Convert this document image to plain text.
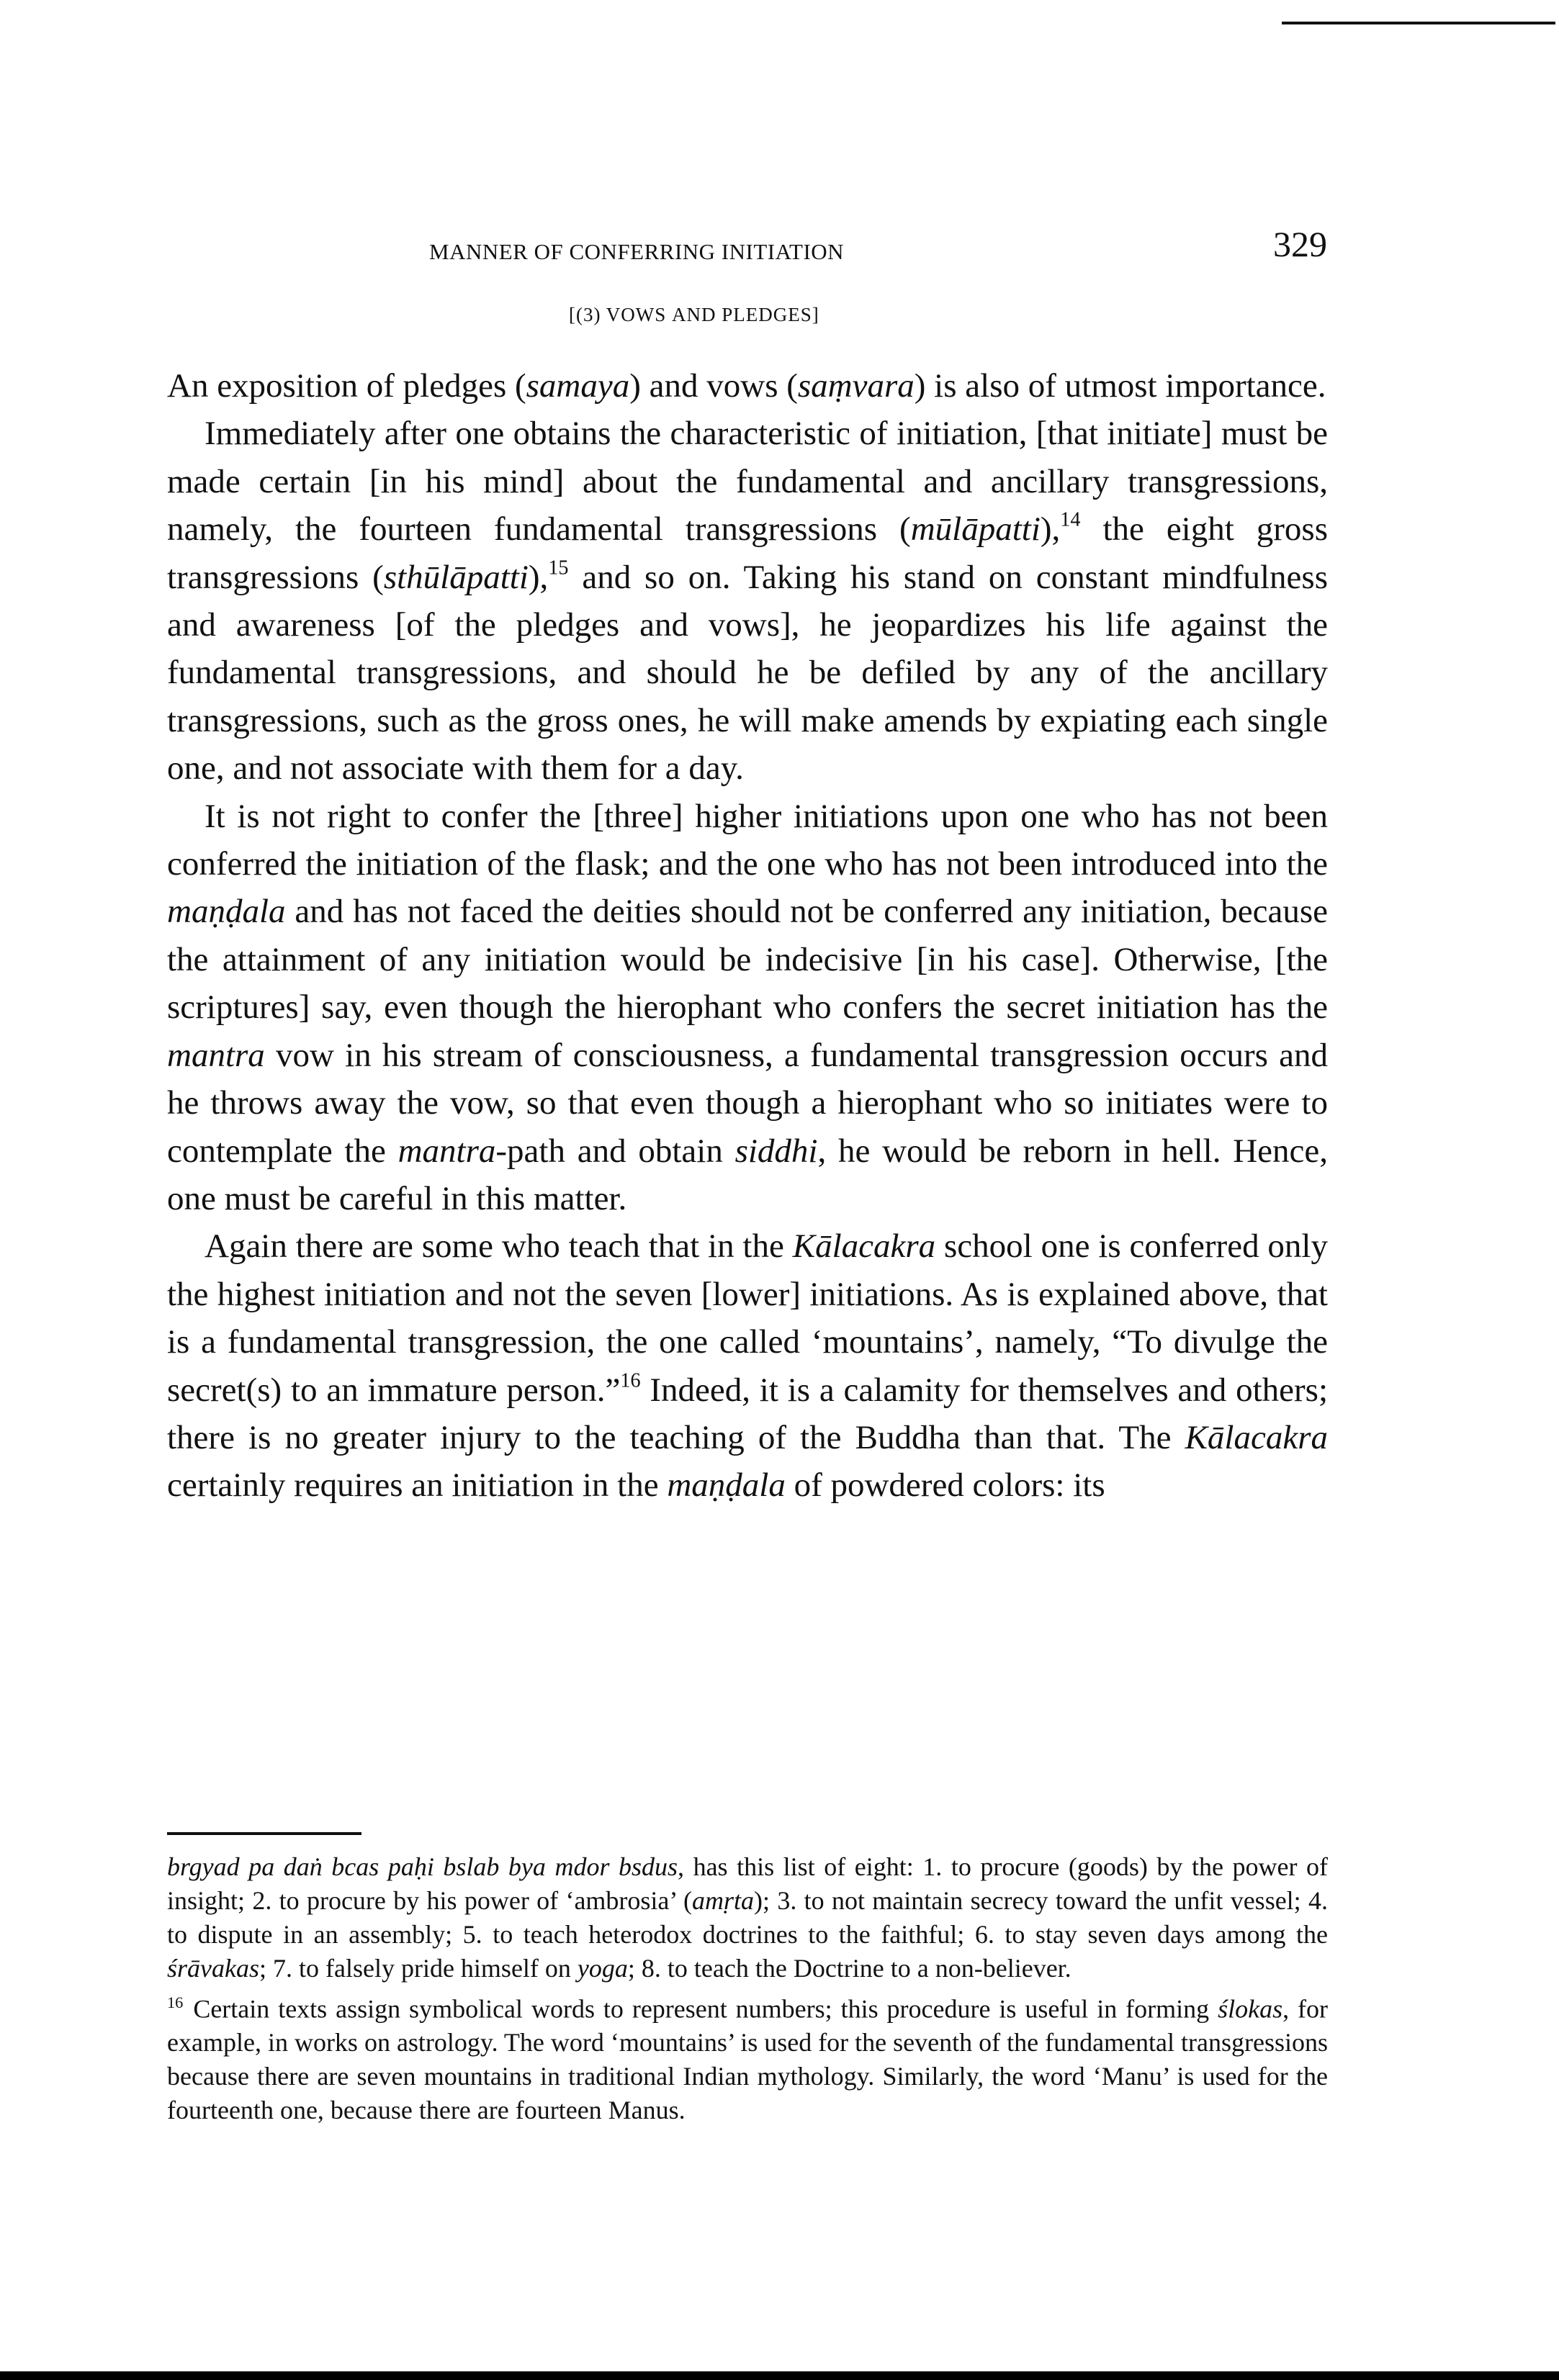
manner of conferring initiation	329
[(3) Vows and Pledges]

An exposition of pledges (samaya) and vows (saṃvara) is also of utmost importance.

Immediately after one obtains the characteristic of initiation, [that initiate] must be made certain [in his mind] about the fundamental and ancillary transgressions, namely, the fourteen fundamental transgressions (mūlāpatti),$^{14}$ the eight gross transgressions (sthūlāpatti),$^{15}$ and so on. Taking his stand on constant mindfulness and awareness [of the pledges and vows], he jeopardizes his life against the fundamental transgressions, and should he be defiled by any of the ancillary transgressions, such as the gross ones, he will make amends by expiating each single one, and not associate with them for a day.

It is not right to confer the [three] higher initiations upon one who has not been conferred the initiation of the flask; and the one who has not been introduced into the maṇḍala and has not faced the deities should not be conferred any initiation, because the attainment of any initiation would be indecisive [in his case]. Otherwise, [the scriptures] say, even though the hierophant who confers the secret initiation has the mantra vow in his stream of consciousness, a fundamental transgression occurs and he throws away the vow, so that even though a hierophant who so initiates were to contemplate the mantra-path and obtain siddhi, he would be reborn in hell. Hence, one must be careful in this matter.

Again there are some who teach that in the Kālacakra school one is conferred only the highest initiation and not the seven [lower] initiations. As is explained above, that is a fundamental transgression, the one called ‘mountains’, namely, “To divulge the secret(s) to an immature person.”$^{16}$ Indeed, it is a calamity for themselves and others; there is no greater injury to the teaching of the Buddha than that. The Kālacakra certainly requires an initiation in the maṇḍala of powdered colors: its

brgyad pa daṅ bcas paḥi bslab bya mdor bsdus, has this list of eight: 1. to procure (goods) by the power of insight; 2. to procure by his power of ‘ambrosia’ (amṛta); 3. to not maintain secrecy toward the unfit vessel; 4. to dispute in an assembly; 5. to teach heterodox doctrines to the faithful; 6. to stay seven days among the śrāvakas; 7. to falsely pride himself on yoga; 8. to teach the Doctrine to a non-believer.

$^{16}$ Certain texts assign symbolical words to represent numbers; this procedure is useful in forming ślokas, for example, in works on astrology. The word ‘mountains’ is used for the seventh of the fundamental transgressions because there are seven mountains in traditional Indian mythology. Similarly, the word ‘Manu’ is used for the fourteenth one, because there are fourteen Manus.
